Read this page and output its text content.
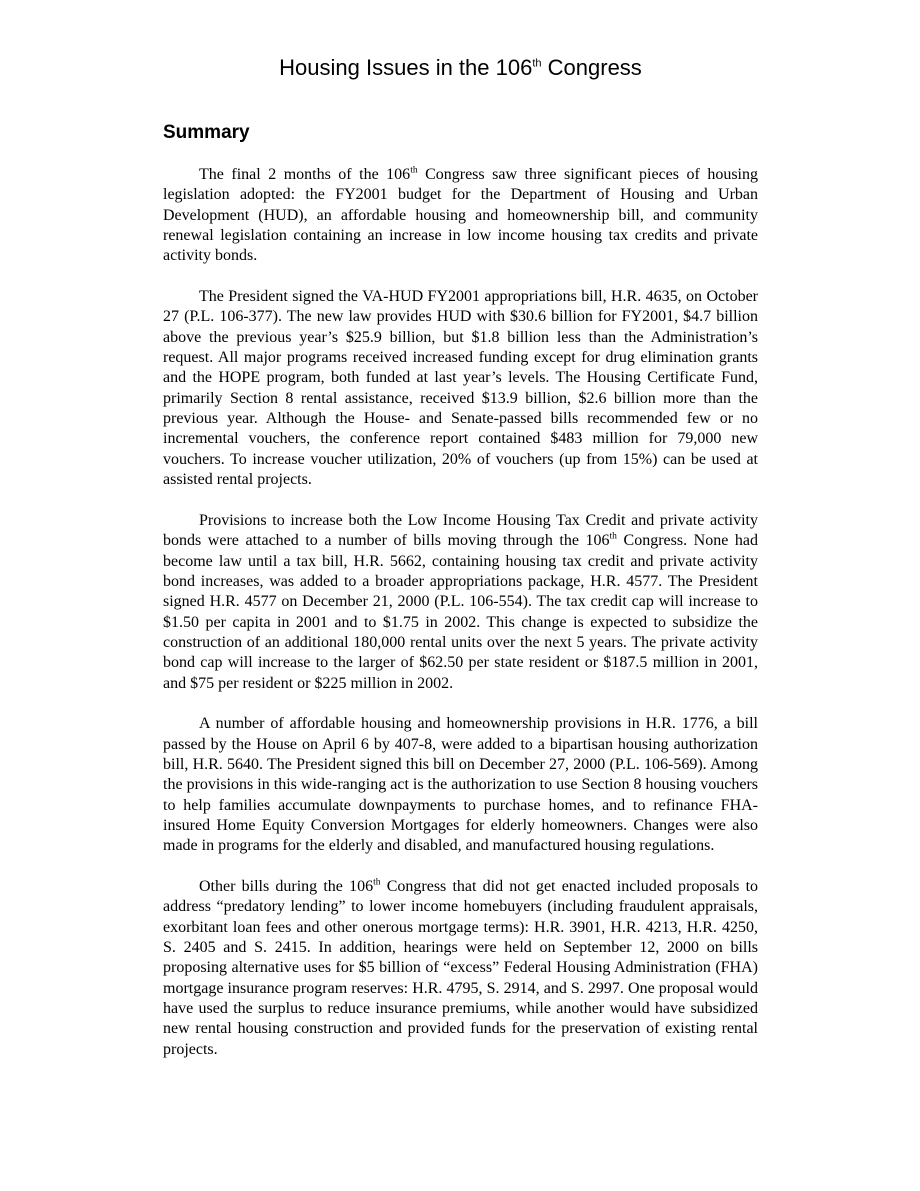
Housing Issues in the 106th Congress
Summary

The final 2 months of the 106th Congress saw three significant pieces of housing legislation adopted: the FY2001 budget for the Department of Housing and Urban Development (HUD), an affordable housing and homeownership bill, and community renewal legislation containing an increase in low income housing tax credits and private activity bonds.

The President signed the VA-HUD FY2001 appropriations bill, H.R. 4635, on October 27 (P.L. 106-377). The new law provides HUD with $30.6 billion for FY2001, $4.7 billion above the previous year’s $25.9 billion, but $1.8 billion less than the Administration’s request. All major programs received increased funding except for drug elimination grants and the HOPE program, both funded at last year’s levels. The Housing Certificate Fund, primarily Section 8 rental assistance, received $13.9 billion, $2.6 billion more than the previous year. Although the House- and Senate-passed bills recommended few or no incremental vouchers, the conference report contained $483 million for 79,000 new vouchers. To increase voucher utilization, 20% of vouchers (up from 15%) can be used at assisted rental projects.

Provisions to increase both the Low Income Housing Tax Credit and private activity bonds were attached to a number of bills moving through the 106th Congress. None had become law until a tax bill, H.R. 5662, containing housing tax credit and private activity bond increases, was added to a broader appropriations package, H.R. 4577. The President signed H.R. 4577 on December 21, 2000 (P.L. 106-554). The tax credit cap will increase to $1.50 per capita in 2001 and to $1.75 in 2002. This change is expected to subsidize the construction of an additional 180,000 rental units over the next 5 years. The private activity bond cap will increase to the larger of $62.50 per state resident or $187.5 million in 2001, and $75 per resident or $225 million in 2002.

A number of affordable housing and homeownership provisions in H.R. 1776, a bill passed by the House on April 6 by 407-8, were added to a bipartisan housing authorization bill, H.R. 5640. The President signed this bill on December 27, 2000 (P.L. 106-569). Among the provisions in this wide-ranging act is the authorization to use Section 8 housing vouchers to help families accumulate downpayments to purchase homes, and to refinance FHA-insured Home Equity Conversion Mortgages for elderly homeowners. Changes were also made in programs for the elderly and disabled, and manufactured housing regulations.

Other bills during the 106th Congress that did not get enacted included proposals to address “predatory lending” to lower income homebuyers (including fraudulent appraisals, exorbitant loan fees and other onerous mortgage terms): H.R. 3901, H.R. 4213, H.R. 4250, S. 2405 and S. 2415. In addition, hearings were held on September 12, 2000 on bills proposing alternative uses for $5 billion of “excess” Federal Housing Administration (FHA) mortgage insurance program reserves: H.R. 4795, S. 2914, and S. 2997. One proposal would have used the surplus to reduce insurance premiums, while another would have subsidized new rental housing construction and provided funds for the preservation of existing rental projects.
